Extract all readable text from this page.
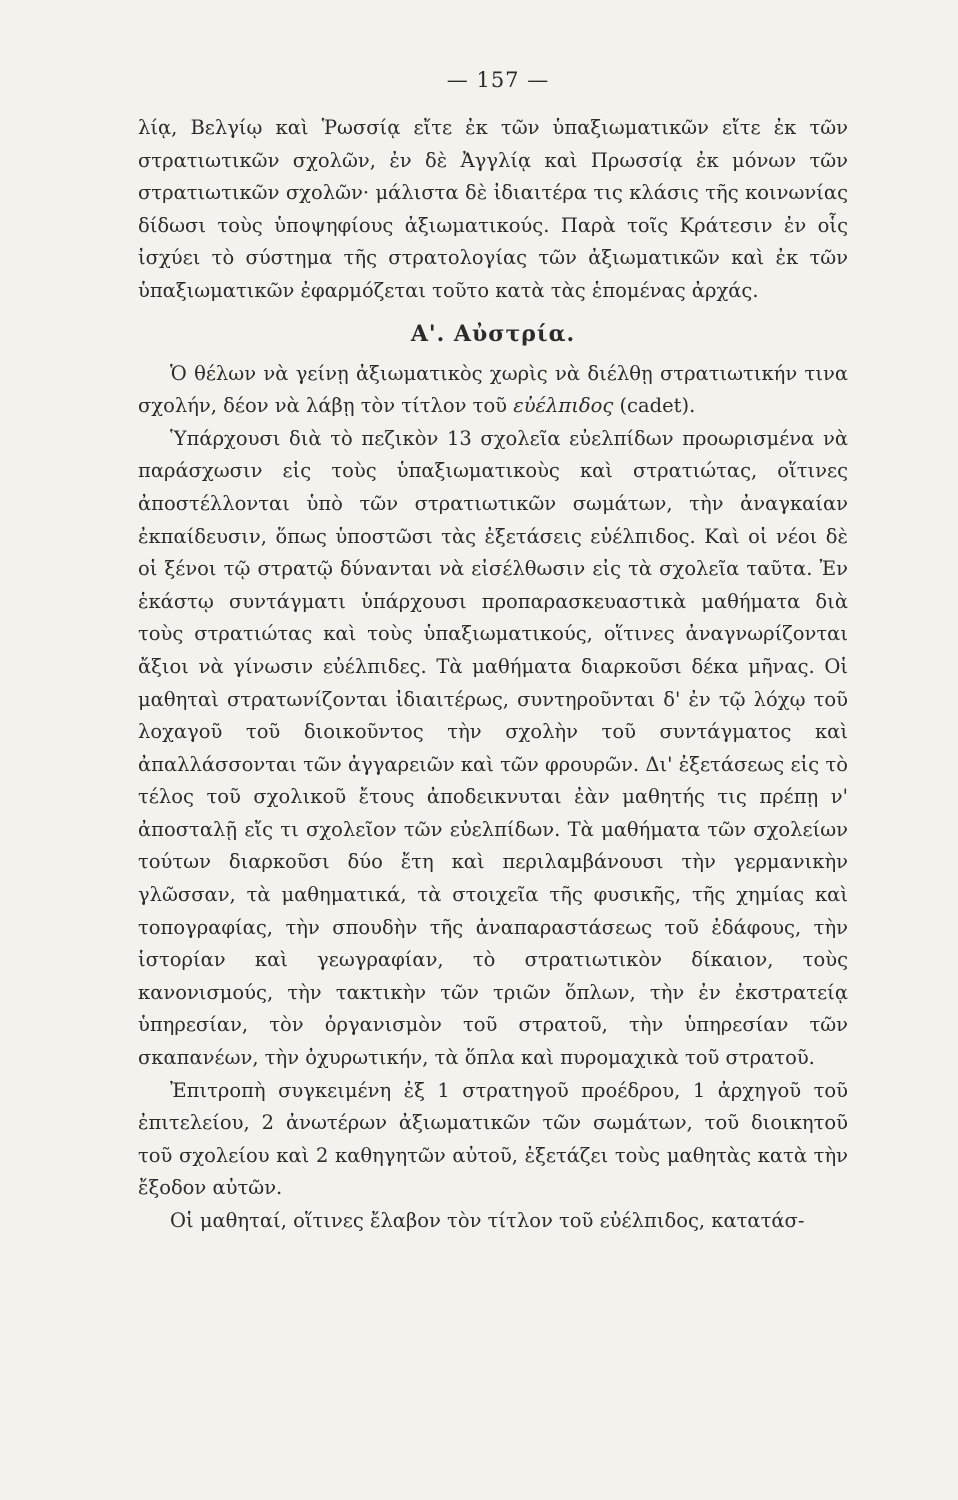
— 157 —

λίᾳ, Βελγίῳ καὶ Ῥωσσίᾳ εἴτε ἐκ τῶν ὑπαξιωματικῶν εἴτε ἐκ τῶν στρατιωτικῶν σχολῶν, ἐν δὲ Ἀγγλίᾳ καὶ Πρωσσίᾳ ἐκ μόνων τῶν στρατιωτικῶν σχολῶν· μάλιστα δὲ ἰδιαιτέρα τις κλάσις τῆς κοινωνίας δίδωσι τοὺς ὑποψηφίους ἀξιωματικούς. Παρὰ τοῖς Κράτεσιν ἐν οἷς ἰσχύει τὸ σύστημα τῆς στρατολογίας τῶν ἀξιωματικῶν καὶ ἐκ τῶν ὑπαξιωματικῶν ἐφαρμόζεται τοῦτο κατὰ τὰς ἑπομένας ἀρχάς.

Α'. Αὐστρία.

Ὁ θέλων νὰ γείνῃ ἀξιωματικὸς χωρὶς νὰ διέλθῃ στρατιωτικήν τινα σχολήν, δέον νὰ λάβῃ τὸν τίτλον τοῦ εὐέλπιδος (cadet).

Ὑπάρχουσι διὰ τὸ πεζικὸν 13 σχολεῖα εὐελπίδων προωρισμένα νὰ παράσχωσιν εἰς τοὺς ὑπαξιωματικοὺς καὶ στρατιώτας, οἵτινες ἀποστέλλονται ὑπὸ τῶν στρατιωτικῶν σωμάτων, τὴν ἀναγκαίαν ἐκπαίδευσιν, ὅπως ὑποστῶσι τὰς ἐξετάσεις εὐέλπιδος. Καὶ οἱ νέοι δὲ οἱ ξένοι τῷ στρατῷ δύνανται νὰ εἰσέλθωσιν εἰς τὰ σχολεῖα ταῦτα. Ἐν ἑκάστῳ συντάγματι ὑπάρχουσι προπαρασκευαστικὰ μαθήματα διὰ τοὺς στρατιώτας καὶ τοὺς ὑπαξιωματικούς, οἵτινες ἀναγνωρίζονται ἄξιοι νὰ γίνωσιν εὐέλπιδες. Τὰ μαθήματα διαρκοῦσι δέκα μῆνας. Οἱ μαθηταὶ στρατωνίζονται ἰδιαιτέρως, συντηροῦνται δ' ἐν τῷ λόχῳ τοῦ λοχαγοῦ τοῦ διοικοῦντος τὴν σχολὴν τοῦ συντάγματος καὶ ἀπαλλάσσονται τῶν ἀγγαρειῶν καὶ τῶν φρουρῶν. Δι' ἐξετάσεως εἰς τὸ τέλος τοῦ σχολικοῦ ἔτους ἀποδεικνυται ἐὰν μαθητής τις πρέπῃ ν' ἀποσταλῇ εἴς τι σχολεῖον τῶν εὐελπίδων. Τὰ μαθήματα τῶν σχολείων τούτων διαρκοῦσι δύο ἔτη καὶ περιλαμβάνουσι τὴν γερμανικὴν γλῶσσαν, τὰ μαθηματικά, τὰ στοιχεῖα τῆς φυσικῆς, τῆς χημίας καὶ τοπογραφίας, τὴν σπουδὴν τῆς ἀναπαραστάσεως τοῦ ἐδάφους, τὴν ἱστορίαν καὶ γεωγραφίαν, τὸ στρατιωτικὸν δίκαιον, τοὺς κανονισμούς, τὴν τακτικὴν τῶν τριῶν ὅπλων, τὴν ἐν ἐκστρατείᾳ ὑπηρεσίαν, τὸν ὀργανισμὸν τοῦ στρατοῦ, τὴν ὑπηρεσίαν τῶν σκαπανέων, τὴν ὀχυρωτικήν, τὰ ὅπλα καὶ πυρομαχικὰ τοῦ στρατοῦ.

Ἐπιτροπὴ συγκειμένη ἐξ 1 στρατηγοῦ προέδρου, 1 ἀρχηγοῦ τοῦ ἐπιτελείου, 2 ἀνωτέρων ἀξιωματικῶν τῶν σωμάτων, τοῦ διοικητοῦ τοῦ σχολείου καὶ 2 καθηγητῶν αὐτοῦ, ἐξετάζει τοὺς μαθητὰς κατὰ τὴν ἔξοδον αὐτῶν.

Οἱ μαθηταί, οἵτινες ἔλαβον τὸν τίτλον τοῦ εὐέλπιδος, κατατάσ-
